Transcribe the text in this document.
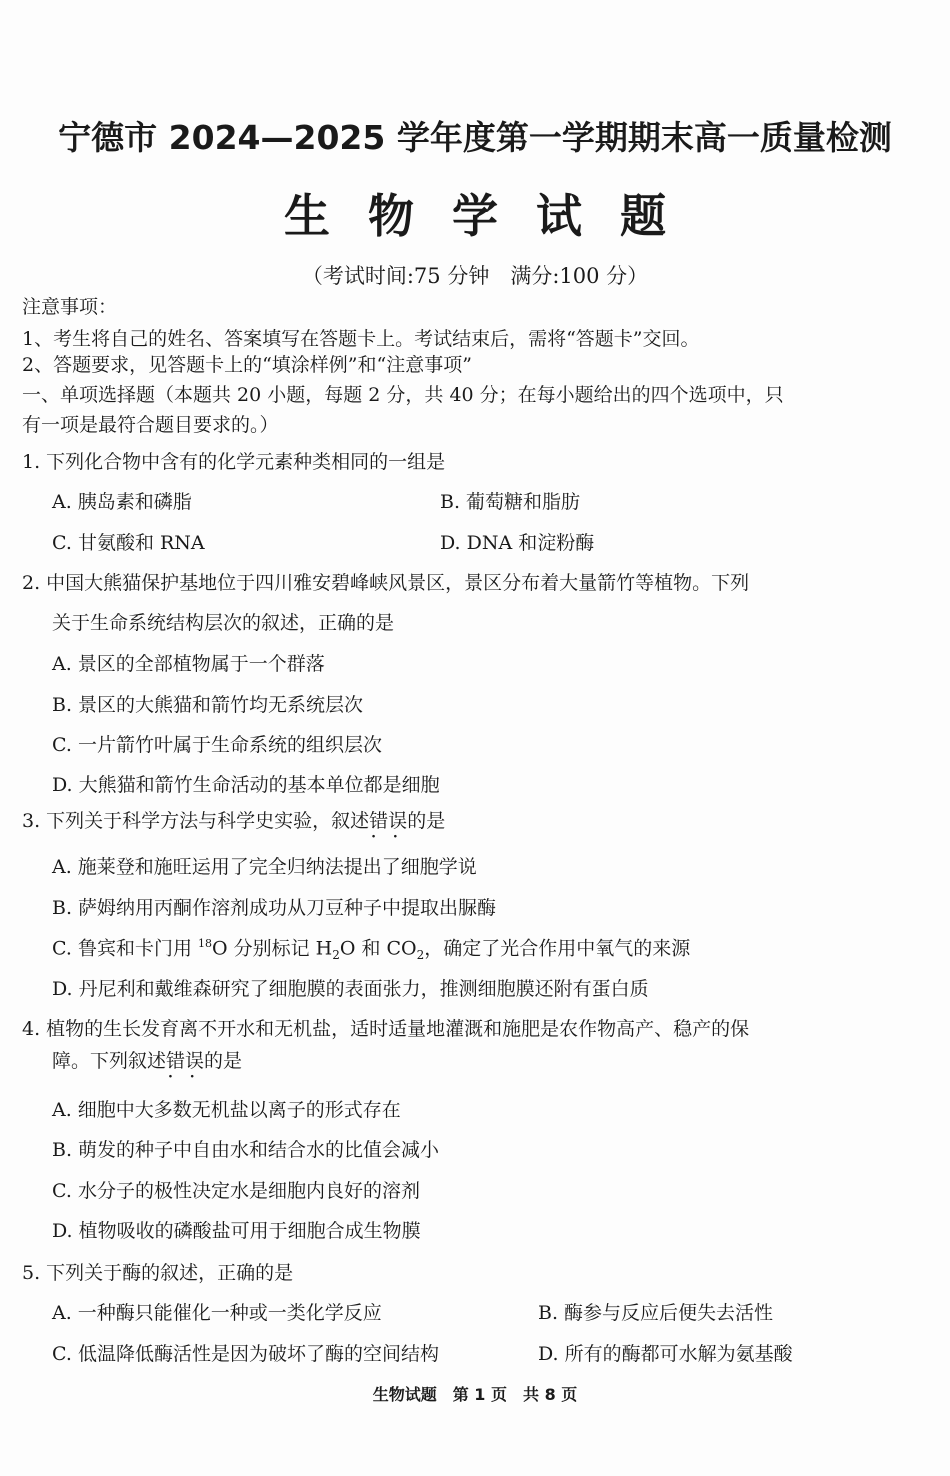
宁德市 2024—2025 学年度第一学期期末高一质量检测
生物学试题
（考试时间:75 分钟　满分:100 分）
注意事项：
1、考生将自己的姓名、答案填写在答题卡上。考试结束后，需将“答题卡”交回。
2、答题要求，见答题卡上的“填涂样例”和“注意事项”
一、单项选择题（本题共 20 小题，每题 2 分，共 40 分；在每小题给出的四个选项中，只
有一项是最符合题目要求的。）
1. 下列化合物中含有的化学元素种类相同的一组是
A. 胰岛素和磷脂	B. 葡萄糖和脂肪
C. 甘氨酸和 RNA	D. DNA 和淀粉酶
2. 中国大熊猫保护基地位于四川雅安碧峰峡风景区，景区分布着大量箭竹等植物。下列
关于生命系统结构层次的叙述，正确的是
A. 景区的全部植物属于一个群落
B. 景区的大熊猫和箭竹均无系统层次
C. 一片箭竹叶属于生命系统的组织层次
D. 大熊猫和箭竹生命活动的基本单位都是细胞
3. 下列关于科学方法与科学史实验，叙述错误 · ·的是
A. 施莱登和施旺运用了完全归纳法提出了细胞学说
B. 萨姆纳用丙酮作溶剂成功从刀豆种子中提取出脲酶
C. 鲁宾和卡门用 $^{18}$O 分别标记 $H_2O$ 和 $CO_2$，确定了光合作用中氧气的来源
D. 丹尼利和戴维森研究了细胞膜的表面张力，推测细胞膜还附有蛋白质
4. 植物的生长发育离不开水和无机盐，适时适量地灌溉和施肥是农作物高产、稳产的保
障。下列叙述错误 · ·的是
A. 细胞中大多数无机盐以离子的形式存在
B. 萌发的种子中自由水和结合水的比值会减小
C. 水分子的极性决定水是细胞内良好的溶剂
D. 植物吸收的磷酸盐可用于细胞合成生物膜
5. 下列关于酶的叙述，正确的是
A. 一种酶只能催化一种或一类化学反应	B. 酶参与反应后便失去活性
C. 低温降低酶活性是因为破坏了酶的空间结构	D. 所有的酶都可水解为氨基酸
生物试题　第 1 页　共 8 页
